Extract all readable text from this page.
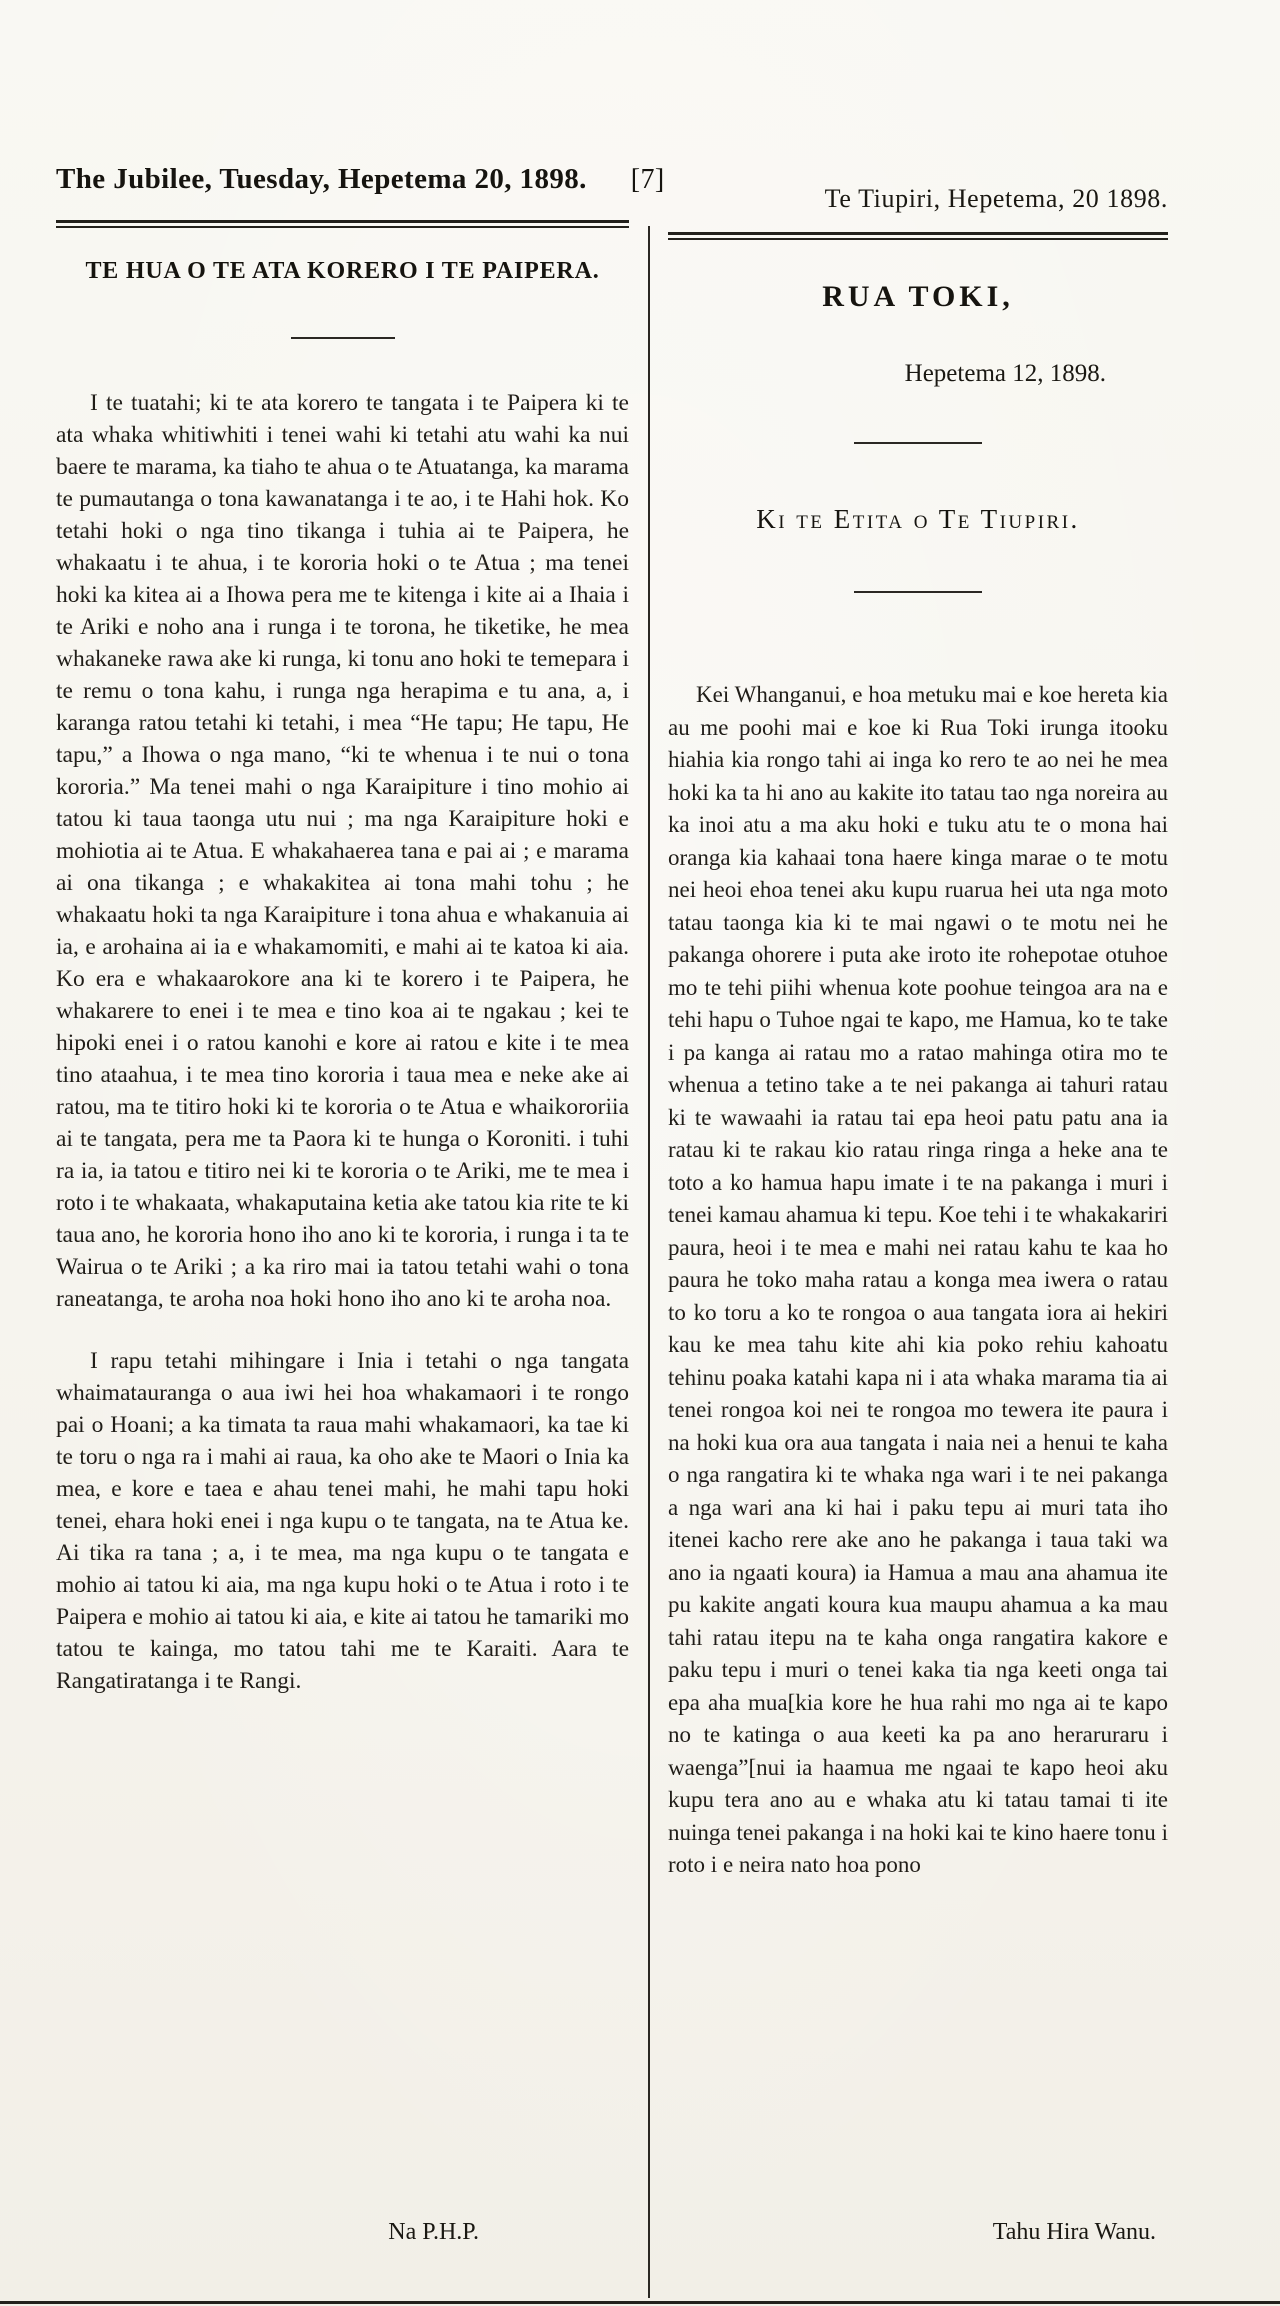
The Jubilee, Tuesday, Hepetema 20, 1898. [7]
Te Tiupiri, Hepetema, 20 1898.
TE HUA O TE ATA KORERO I TE PAIPERA.

I te tuatahi; ki te ata korero te tangata i te Paipera ki te ata whaka whitiwhiti i tenei wahi ki tetahi atu wahi ka nui baere te marama, ka tiaho te ahua o te Atuatanga, ka marama te pumautanga o tona kawanatanga i te ao, i te Hahi hok. Ko tetahi hoki o nga tino tikanga i tuhia ai te Paipera, he whakaatu i te ahua, i te kororia hoki o te Atua ; ma tenei hoki ka kitea ai a Ihowa pera me te kitenga i kite ai a Ihaia i te Ariki e noho ana i runga i te torona, he tiketike, he mea whakaneke rawa ake ki runga, ki tonu ano hoki te temepara i te remu o tona kahu, i runga nga herapima e tu ana, a, i karanga ratou tetahi ki tetahi, i mea “He tapu; He tapu, He tapu,” a Ihowa o nga mano, “ki te whenua i te nui o tona kororia.” Ma tenei mahi o nga Karaipiture i tino mohio ai tatou ki taua taonga utu nui ; ma nga Karaipiture hoki e mohiotia ai te Atua. E whakahaerea tana e pai ai ; e marama ai ona tikanga ; e whakakitea ai tona mahi tohu ; he whakaatu hoki ta nga Karaipiture i tona ahua e whakanuia ai ia, e arohaina ai ia e whakamomiti, e mahi ai te katoa ki aia. Ko era e whakaarokore ana ki te korero i te Paipera, he whakarere to enei i te mea e tino koa ai te ngakau ; kei te hipoki enei i o ratou kanohi e kore ai ratou e kite i te mea tino ataahua, i te mea tino kororia i taua mea e neke ake ai ratou, ma te titiro hoki ki te kororia o te Atua e whaikororiia ai te tangata, pera me ta Paora ki te hunga o Koroniti. i tuhi ra ia, ia tatou e titiro nei ki te kororia o te Ariki, me te mea i roto i te whakaata, whakaputaina ketia ake tatou kia rite te ki taua ano, he kororia hono iho ano ki te kororia, i runga i ta te Wairua o te Ariki ; a ka riro mai ia tatou tetahi wahi o tona raneatanga, te aroha noa hoki hono iho ano ki te aroha noa.

I rapu tetahi mihingare i Inia i tetahi o nga tangata whaimatauranga o aua iwi hei hoa whakamaori i te rongo pai o Hoani; a ka timata ta raua mahi whakamaori, ka tae ki te toru o nga ra i mahi ai raua, ka oho ake te Maori o Inia ka mea, e kore e taea e ahau tenei mahi, he mahi tapu hoki tenei, ehara hoki enei i nga kupu o te tangata, na te Atua ke. Ai tika ra tana ; a, i te mea, ma nga kupu o te tangata e mohio ai tatou ki aia, ma nga kupu hoki o te Atua i roto i te Paipera e mohio ai tatou ki aia, e kite ai tatou he tamariki mo tatou te kainga, mo tatou tahi me te Karaiti. Aara te Rangatiratanga i te Rangi.

Na P.H.P.
RUA TOKI,
Hepetema 12, 1898.
Ki te Etita o Te Tiupiri.

Kei Whanganui, e hoa metuku mai e koe hereta kia au me poohi mai e koe ki Rua Toki irunga itooku hiahia kia rongo tahi ai inga ko rero te ao nei he mea hoki ka ta hi ano au kakite ito tatau tao nga noreira au ka inoi atu a ma aku hoki e tuku atu te o mona hai oranga kia kahaai tona haere kinga marae o te motu nei heoi ehoa tenei aku kupu ruarua hei uta nga moto tatau taonga kia ki te mai ngawi o te motu nei he pakanga ohorere i puta ake iroto ite rohepotae otuhoe mo te tehi piihi whenua kote poohue teingoa ara na e tehi hapu o Tuhoe ngai te kapo, me Hamua, ko te take i pa kanga ai ratau mo a ratao mahinga otira mo te whenua a tetino take a te nei pakanga ai tahuri ratau ki te wawaahi ia ratau tai epa heoi patu patu ana ia ratau ki te rakau kio ratau ringa ringa a heke ana te toto a ko hamua hapu imate i te na pakanga i muri i tenei kamau ahamua ki tepu. Koe tehi i te whakakariri paura, heoi i te mea e mahi nei ratau kahu te kaa ho paura he toko maha ratau a konga mea iwera o ratau to ko toru a ko te rongoa o aua tangata iora ai hekiri kau ke mea tahu kite ahi kia poko rehiu kahoatu tehinu poaka katahi kapa ni i ata whaka marama tia ai tenei rongoa koi nei te rongoa mo tewera ite paura i na hoki kua ora aua tangata i naia nei a henui te kaha o nga rangatira ki te whaka nga wari i te nei pakanga a nga wari ana ki hai i paku tepu ai muri tata iho itenei kacho rere ake ano he pakanga i taua taki wa ano ia ngaati koura) ia Hamua a mau ana ahamua ite pu kakite angati koura kua maupu ahamua a ka mau tahi ratau itepu na te kaha onga rangatira kakore e paku tepu i muri o tenei kaka tia nga keeti onga tai epa aha mua[kia kore he hua rahi mo nga ai te kapo no te katinga o aua keeti ka pa ano heraruraru i waenga”[nui ia haamua me ngaai te kapo heoi aku kupu tera ano au e whaka atu ki tatau tamai ti ite nuinga tenei pakanga i na hoki kai te kino haere tonu i roto i e neira nato hoa pono

Tahu Hira Wanu.
